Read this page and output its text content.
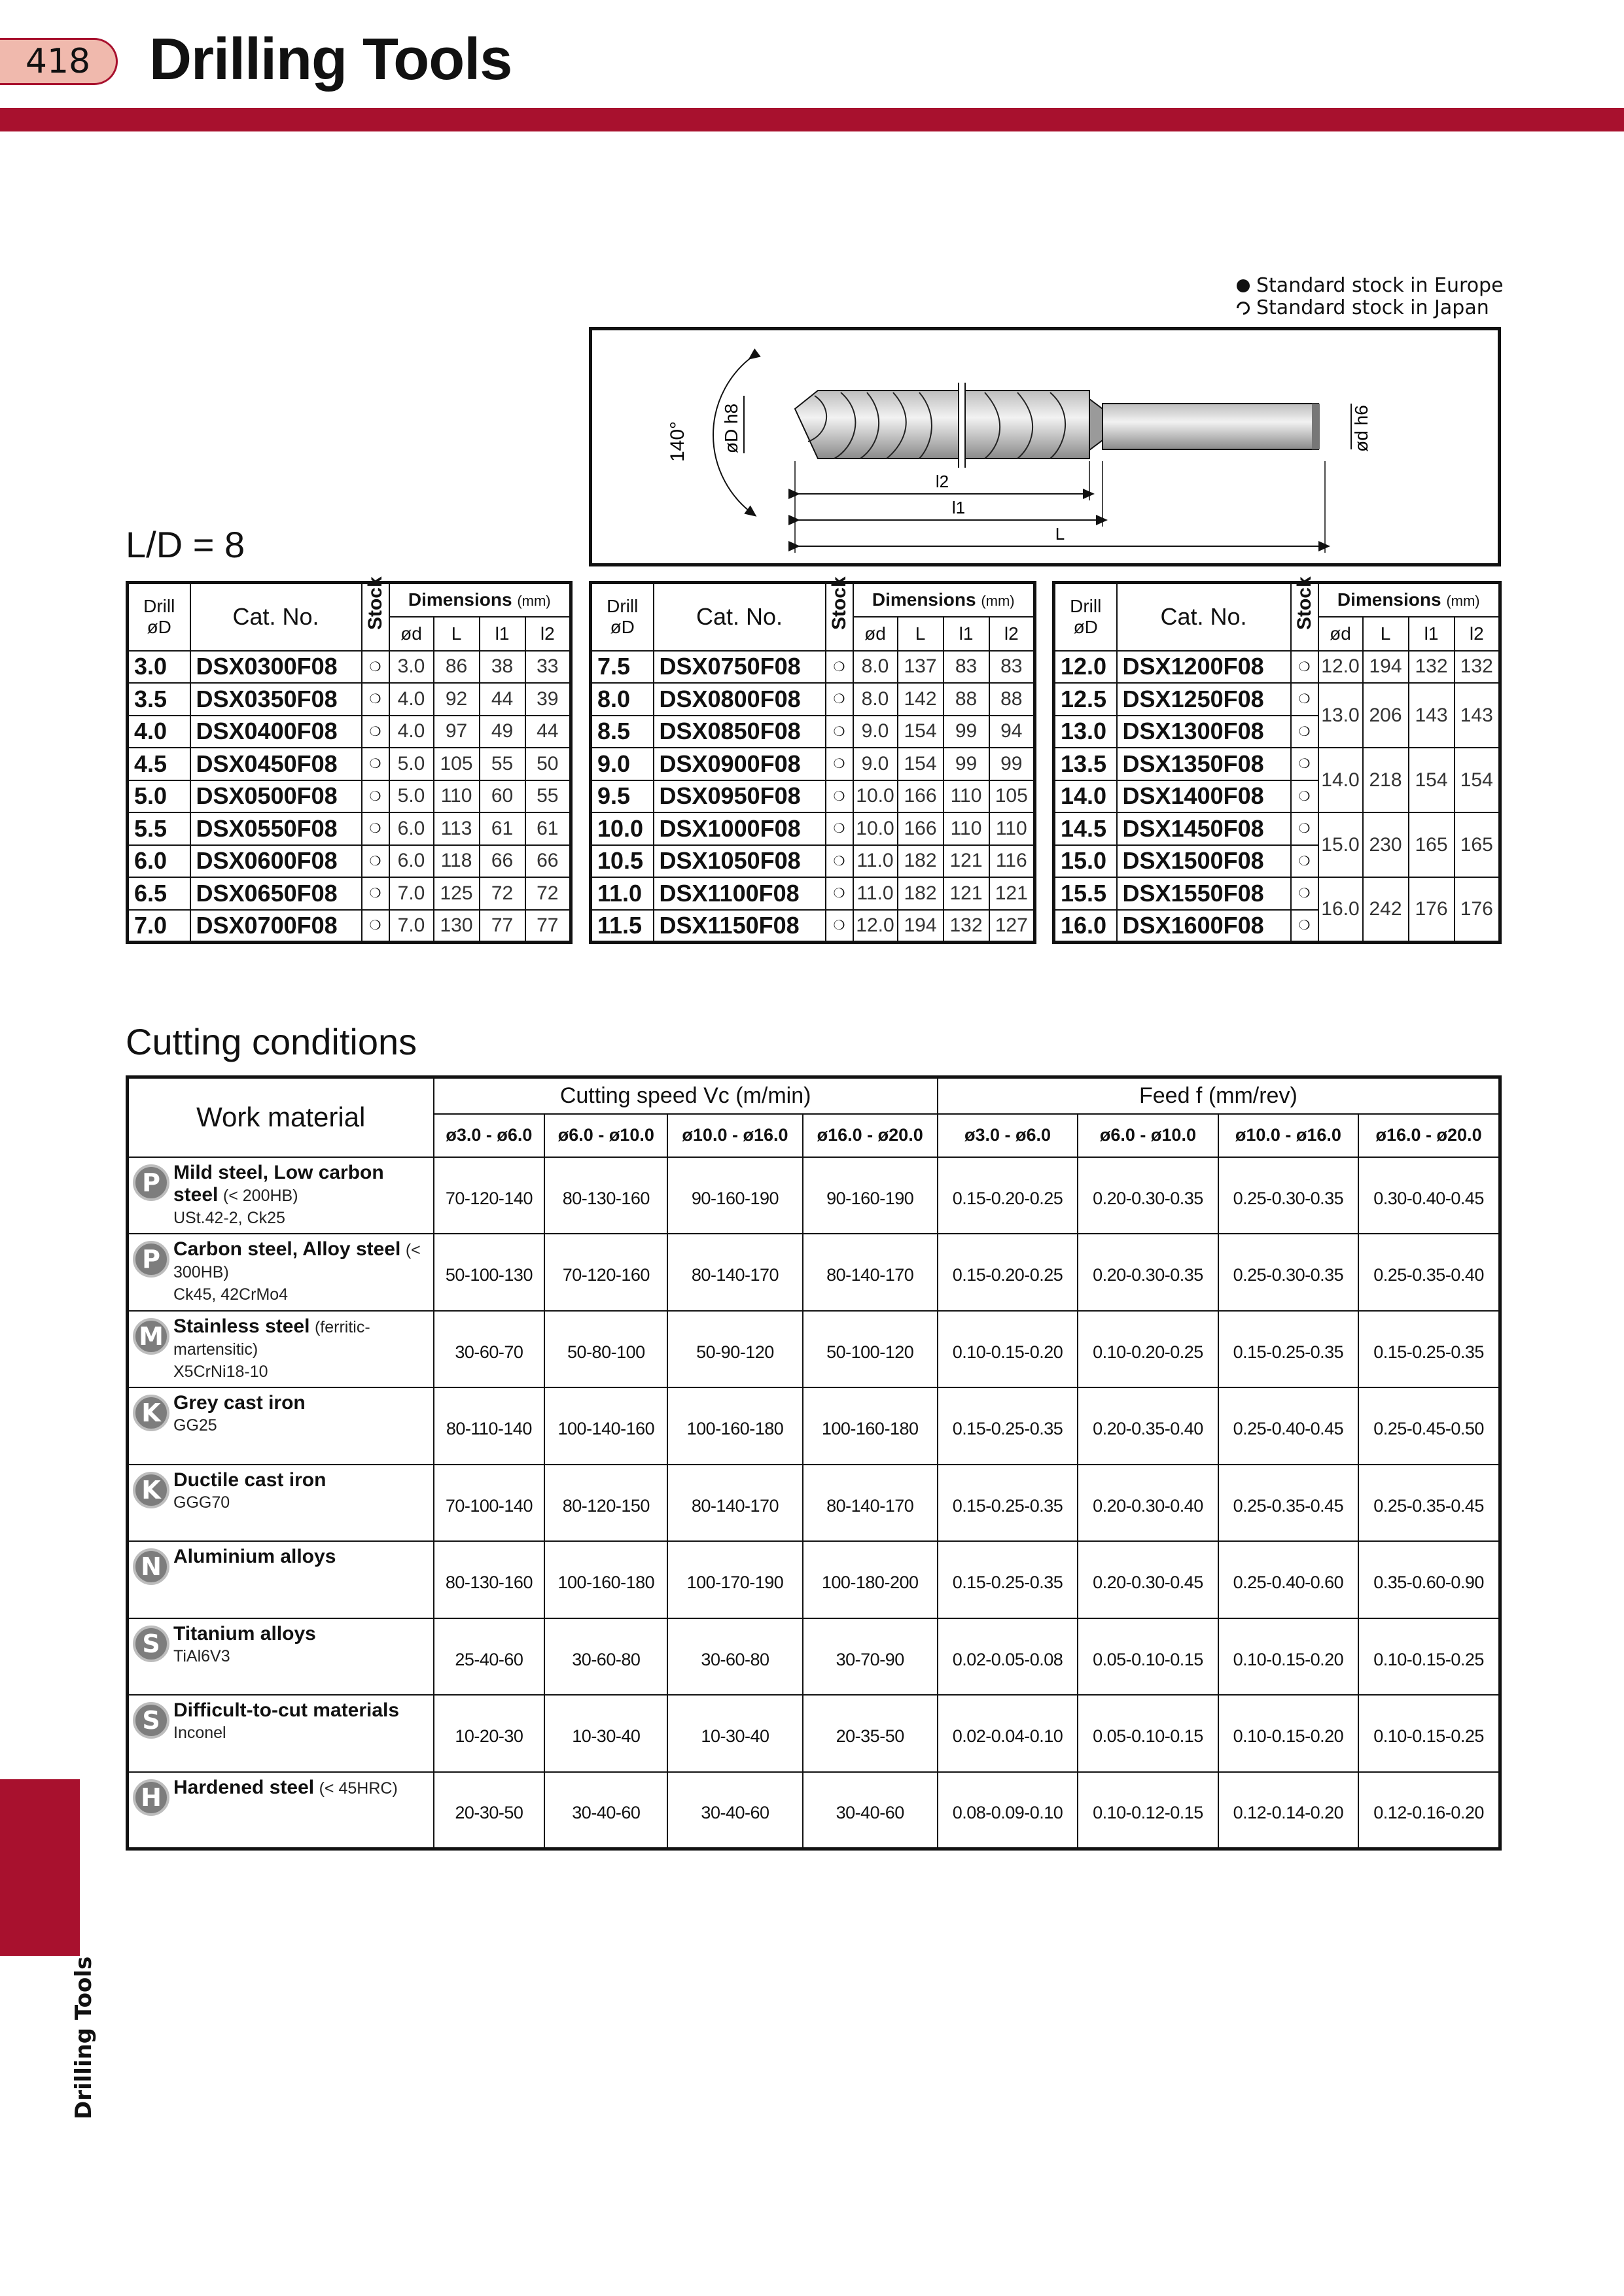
418 Drilling Tools
Drilling Tools
Standard stock in Europe
Standard stock in Japan
140° øD h8	ød h6
l2
l1
L
L/D = 8
Drill
øD	Cat. No.	Stock	Dimensions (mm)			
			ød	L	l1	l2
3.0	DSX0300F08	❍	3.0	86	38	33
3.5	DSX0350F08	❍	4.0	92	44	39
4.0	DSX0400F08	❍	4.0	97	49	44
4.5	DSX0450F08	❍	5.0	105	55	50
5.0	DSX0500F08	❍	5.0	110	60	55
5.5	DSX0550F08	❍	6.0	113	61	61
6.0	DSX0600F08	❍	6.0	118	66	66
6.5	DSX0650F08	❍	7.0	125	72	72
7.0	DSX0700F08	❍	7.0	130	77	77
Drill
øD	Cat. No.	Stock	Dimensions (mm)			
			ød	L	l1	l2
7.5	DSX0750F08	❍	8.0	137	83	83
8.0	DSX0800F08	❍	8.0	142	88	88
8.5	DSX0850F08	❍	9.0	154	99	94
9.0	DSX0900F08	❍	9.0	154	99	99
9.5	DSX0950F08	❍	10.0	166	110	105
10.0	DSX1000F08	❍	10.0	166	110	110
10.5	DSX1050F08	❍	11.0	182	121	116
11.0	DSX1100F08	❍	11.0	182	121	121
11.5	DSX1150F08	❍	12.0	194	132	127
Drill
øD	Cat. No.	Stock	Dimensions (mm)			
			ød	L	l1	l2
12.0	DSX1200F08	❍	12.0	194	132	132
12.5	DSX1250F08	❍	13.0	206	143	143
13.0	DSX1300F08	❍				
13.5	DSX1350F08	❍	14.0	218	154	154
14.0	DSX1400F08	❍				
14.5	DSX1450F08	❍	15.0	230	165	165
15.0	DSX1500F08	❍				
15.5	DSX1550F08	❍	16.0	242	176	176
16.0	DSX1600F08	❍				
Cutting conditions
Work material	Cutting speed Vc (m/min)				Feed f (mm/rev)			
	ø3.0 - ø6.0	ø6.0 - ø10.0	ø10.0 - ø16.0	ø16.0 - ø20.0	ø3.0 - ø6.0	ø6.0 - ø10.0	ø10.0 - ø16.0	ø16.0 - ø20.0

P Mild steel, Low carbon steel (< 200HB)
USt.42-2, Ck25	70-120-140	80-130-160	90-160-190	90-160-190	0.15-0.20-0.25	0.20-0.30-0.35	0.25-0.30-0.35	0.30-0.40-0.45

P Carbon steel, Alloy steel (< 300HB)
Ck45, 42CrMo4	50-100-130	70-120-160	80-140-170	80-140-170	0.15-0.20-0.25	0.20-0.30-0.35	0.25-0.30-0.35	0.25-0.35-0.40

M Stainless steel (ferritic-martensitic)
X5CrNi18-10	30-60-70	50-80-100	50-90-120	50-100-120	0.10-0.15-0.20	0.10-0.20-0.25	0.15-0.25-0.35	0.15-0.25-0.35

K Grey cast iron
GG25	80-110-140	100-140-160	100-160-180	100-160-180	0.15-0.25-0.35	0.20-0.35-0.40	0.25-0.40-0.45	0.25-0.45-0.50

K Ductile cast iron
GGG70	70-100-140	80-120-150	80-140-170	80-140-170	0.15-0.25-0.35	0.20-0.30-0.40	0.25-0.35-0.45	0.25-0.35-0.45

N Aluminium alloys	80-130-160	100-160-180	100-170-190	100-180-200	0.15-0.25-0.35	0.20-0.30-0.45	0.25-0.40-0.60	0.35-0.60-0.90

S Titanium alloys
TiAl6V3	25-40-60	30-60-80	30-60-80	30-70-90	0.02-0.05-0.08	0.05-0.10-0.15	0.10-0.15-0.20	0.10-0.15-0.25

S Difficult-to-cut materials
Inconel	10-20-30	10-30-40	10-30-40	20-35-50	0.02-0.04-0.10	0.05-0.10-0.15	0.10-0.15-0.20	0.10-0.15-0.25

H Hardened steel (< 45HRC)	20-30-50	30-40-60	30-40-60	30-40-60	0.08-0.09-0.10	0.10-0.12-0.15	0.12-0.14-0.20	0.12-0.16-0.20
